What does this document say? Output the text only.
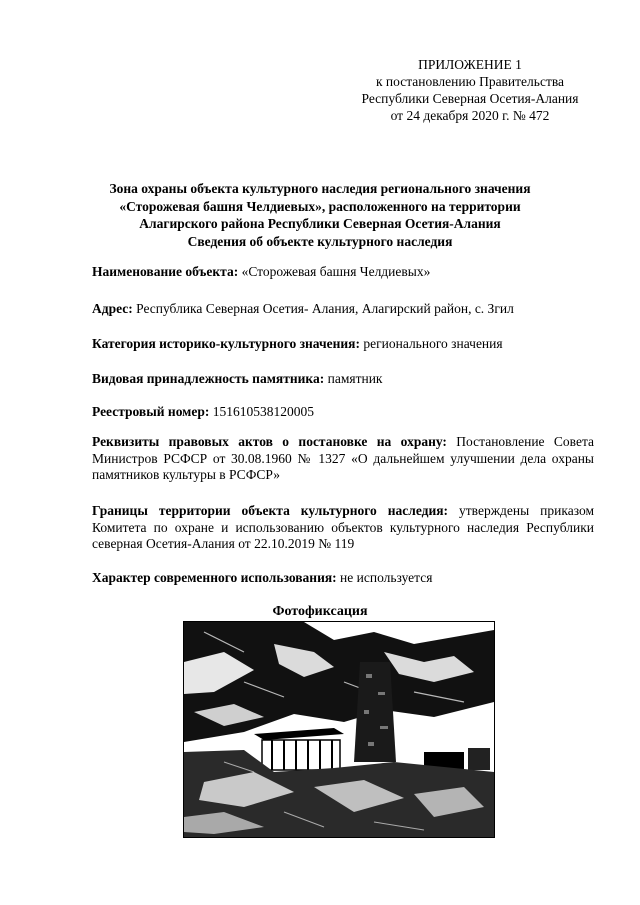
ПРИЛОЖЕНИЕ 1
к постановлению Правительства
Республики Северная Осетия-Алания
от 24 декабря 2020 г. № 472
Зона охраны объекта культурного наследия регионального значения
«Сторожевая башня Челдиевых», расположенного на территории
Алагирского района Республики Северная Осетия-Алания
Сведения об объекте культурного наследия
Наименование объекта: «Сторожевая башня Челдиевых»
Адрес: Республика Северная Осетия- Алания, Алагирский район, с. Згил
Категория историко-культурного значения: регионального значения
Видовая принадлежность памятника: памятник
Реестровый номер: 151610538120005
Реквизиты правовых актов о постановке на охрану: Постановление Совета Министров РСФСР от 30.08.1960 № 1327 «О дальнейшем улучшении дела охраны памятников культуры в РСФСР»
Границы территории объекта культурного наследия: утверждены приказом Комитета по охране и использованию объектов культурного наследия Республики северная Осетия-Алания от 22.10.2019 № 119
Характер современного использования: не используется
Фотофиксация
